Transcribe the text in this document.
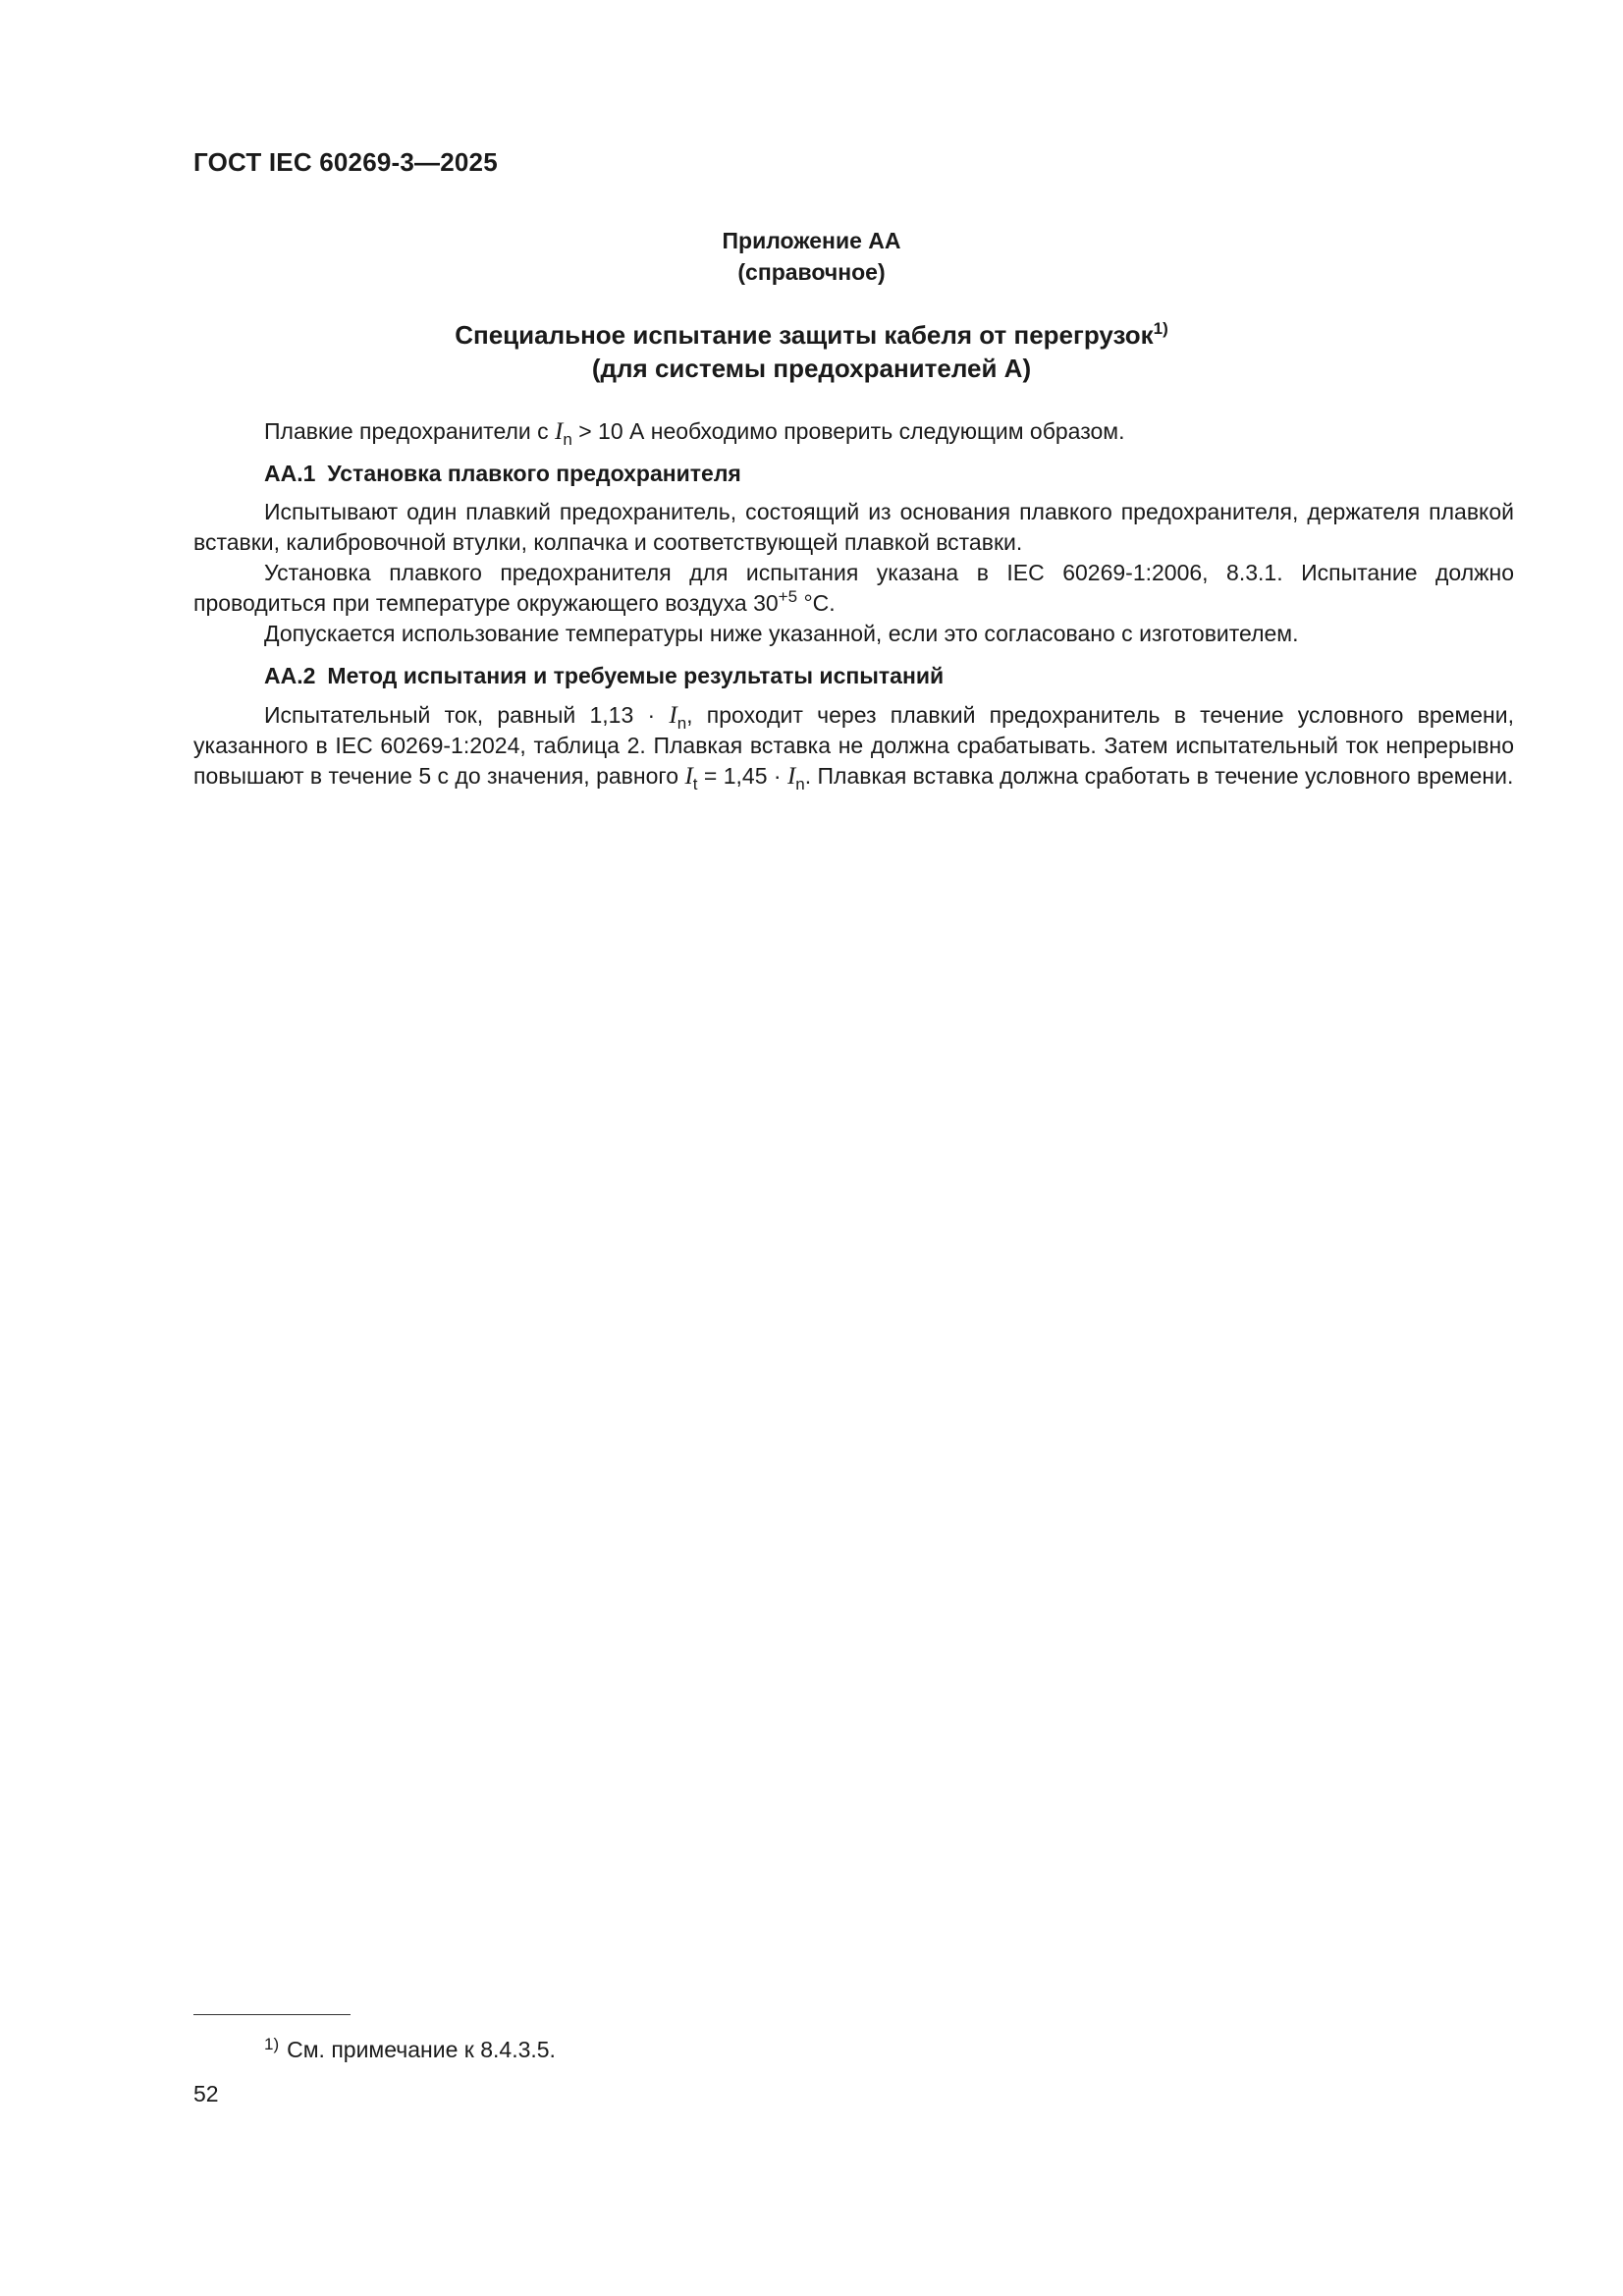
ГОСТ IEC 60269-3—2025
Приложение АА
(справочное)
Специальное испытание защиты кабеля от перегрузок$^{1)}$
(для системы предохранителей А)

Плавкие предохранители с $I_n > 10$ А необходимо проверить следующим образом.

АА.1 Установка плавкого предохранителя

Испытывают один плавкий предохранитель, состоящий из основания плавкого предохранителя, держателя плавкой вставки, калибровочной втулки, колпачка и соответствующей плавкой вставки.

Установка плавкого предохранителя для испытания указана в IEC 60269-1:2006, 8.3.1. Испытание должно проводиться при температуре окружающего воздуха $30^{+5}$ °С.

Допускается использование температуры ниже указанной, если это согласовано с изготовителем.

АА.2 Метод испытания и требуемые результаты испытаний

Испытательный ток, равный $1,13 \cdot I_n$, проходит через плавкий предохранитель в течение условного времени, указанного в IEC 60269-1:2024, таблица 2. Плавкая вставка не должна срабатывать. Затем испытательный ток непрерывно повышают в течение 5 с до значения, равного $I_t = 1,45 \cdot I_n$. Плавкая вставка должна сработать в течение условного времени.

$^{1)}$ См. примечание к 8.4.3.5.
52
